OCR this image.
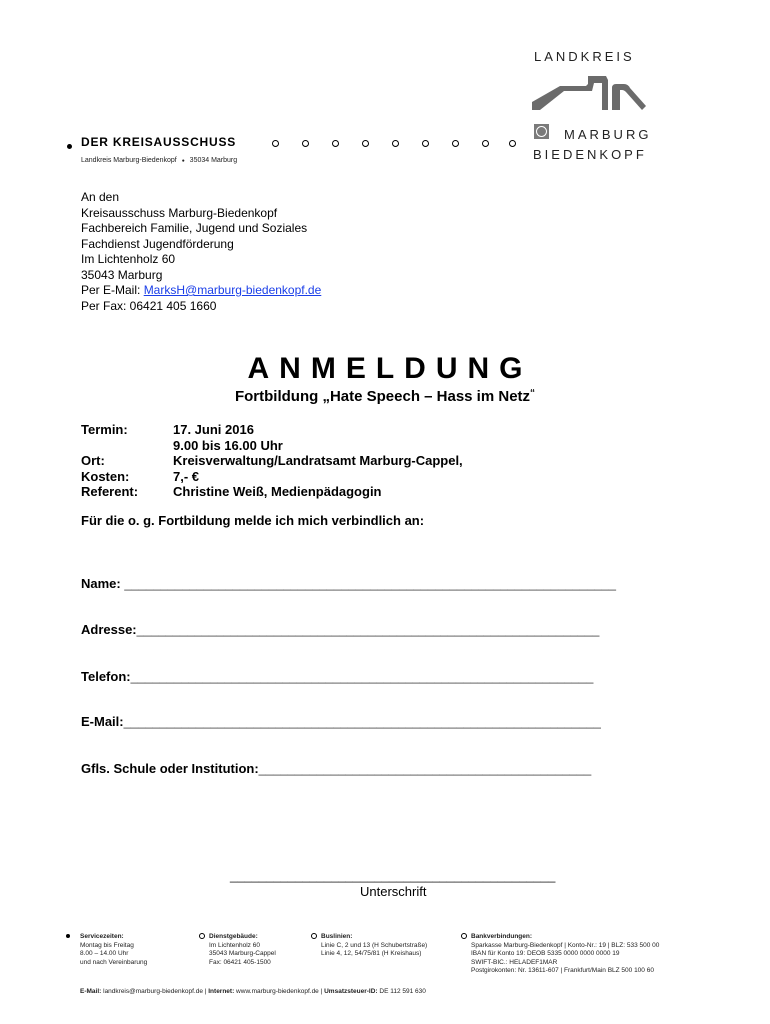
LANDKREIS
MARBURG
BIEDENKOPF
DER KREISAUSSCHUSS
Landkreis Marburg-Biedenkopf ● 35034 Marburg
An den
Kreisausschuss Marburg-Biedenkopf
Fachbereich Familie, Jugend und Soziales
Fachdienst Jugendförderung
Im Lichtenholz 60
35043 Marburg
Per E-Mail: MarksH@marburg-biedenkopf.de
Per Fax: 06421 405 1660
ANMELDUNG
Fortbildung „Hate Speech – Hass im Netz“
Termin:	17. Juni 2016
9.00 bis 16.00 Uhr
Ort:	Kreisverwaltung/Landratsamt Marburg-Cappel,
Kosten:	7,- €
Referent:	Christine Weiß, Medienpädagogin
Für die o. g. Fortbildung melde ich mich verbindlich an:
Name: ____________________________________________________________________
Adresse:________________________________________________________________
Telefon:________________________________________________________________
E-Mail:__________________________________________________________________
Gfls. Schule oder Institution:______________________________________________
_____________________________________________
Unterschrift
Servicezeiten:
Montag bis Freitag
8.00 – 14.00 Uhr
und nach Vereinbarung
Dienstgebäude:
Im Lichtenholz 60
35043 Marburg-Cappel
Fax: 06421 405-1500
Buslinien:
Linie C, 2 und 13 (H Schubertstraße)
Linie 4, 12, 54/75/81 (H Kreishaus)
Bankverbindungen:
Sparkasse Marburg-Biedenkopf | Konto-Nr.: 19 | BLZ: 533 500 00
IBAN für Konto 19: DEOB 5335 0000 0000 0000 19
SWIFT-BIC.: HELADEF1MAR
Postgirokonten: Nr. 13611-607 | Frankfurt/Main BLZ 500 100 60
E-Mail: landkreis@marburg-biedenkopf.de | Internet: www.marburg-biedenkopf.de | Umsatzsteuer-ID: DE 112 591 630
